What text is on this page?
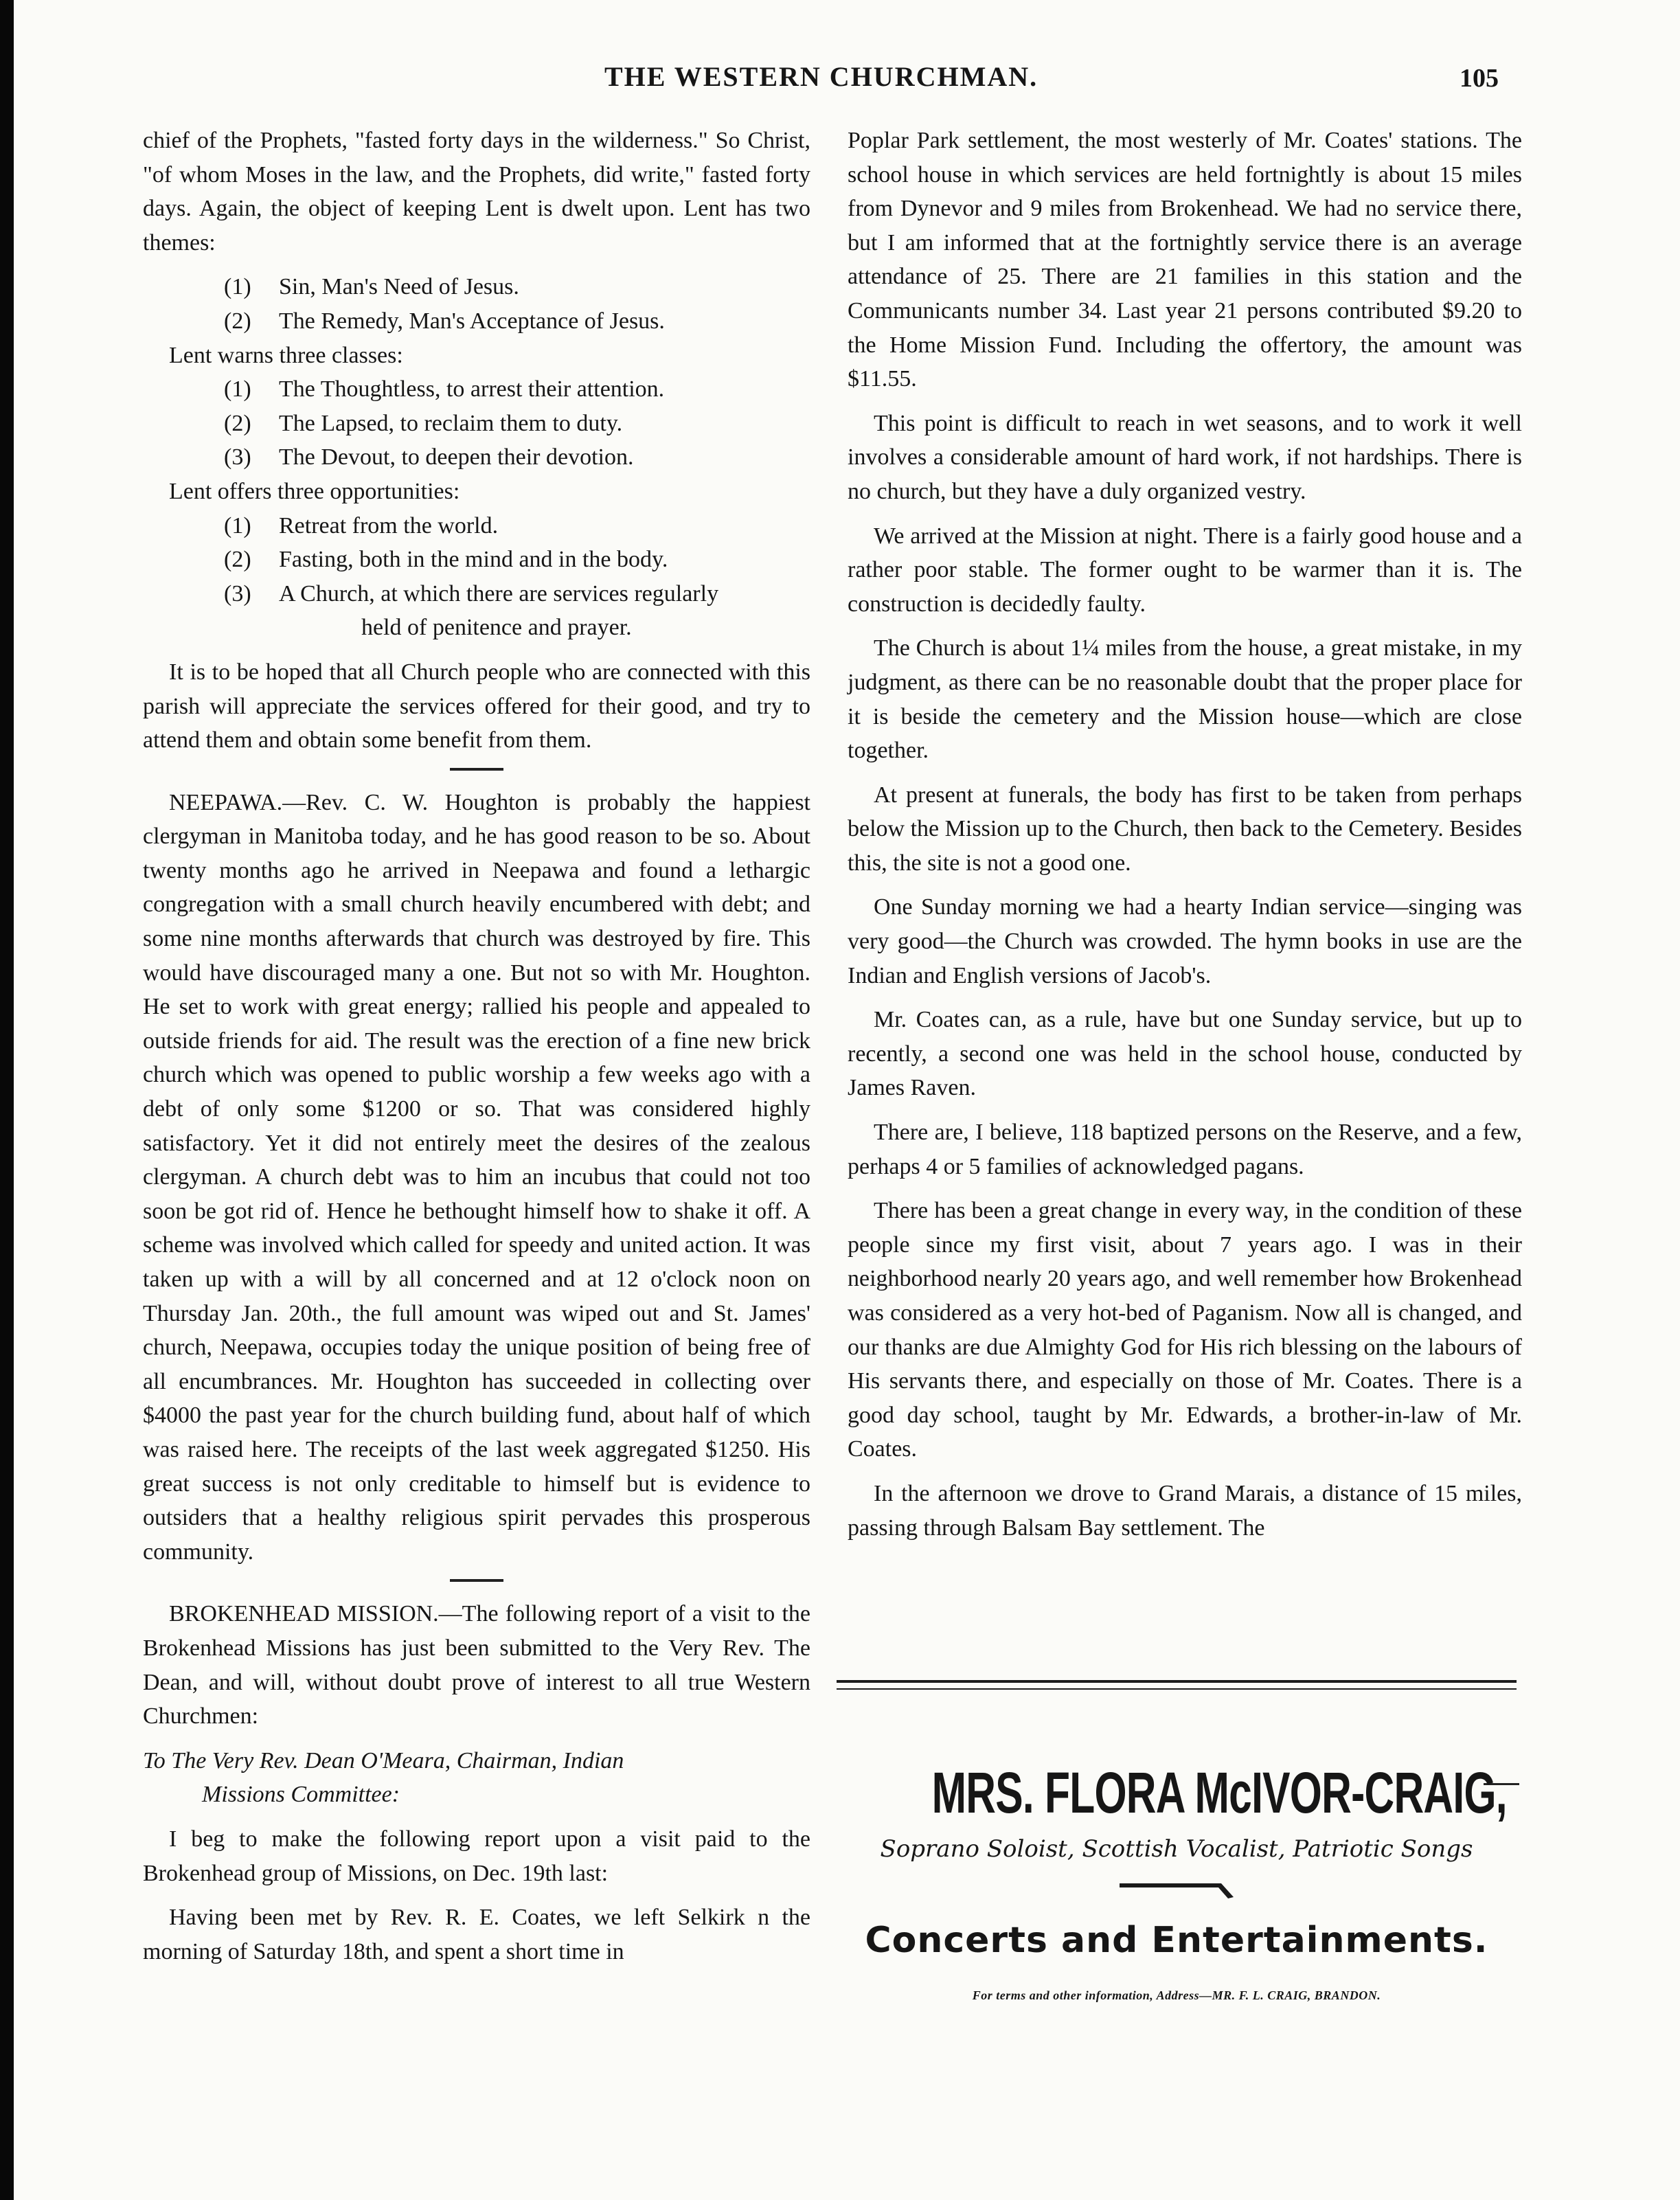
THE WESTERN CHURCHMAN.	105

chief of the Prophets, "fasted forty days in the wilderness." So Christ, "of whom Moses in the law, and the Prophets, did write," fasted forty days. Again, the object of keeping Lent is dwelt upon. Lent has two themes:

(1)	Sin, Man's Need of Jesus.
(2)	The Remedy, Man's Acceptance of Jesus.
Lent warns three classes:
(1)	The Thoughtless, to arrest their attention.
(2)	The Lapsed, to reclaim them to duty.
(3)	The Devout, to deepen their devotion.
Lent offers three opportunities:
(1)	Retreat from the world.
(2)	Fasting, both in the mind and in the body.
(3)	A Church, at which there are services regularly
held of penitence and prayer.

It is to be hoped that all Church people who are connected with this parish will appreciate the services offered for their good, and try to attend them and obtain some benefit from them.

NEEPAWA.—Rev. C. W. Houghton is probably the happiest clergyman in Manitoba today, and he has good reason to be so. About twenty months ago he arrived in Neepawa and found a lethargic congregation with a small church heavily encumbered with debt; and some nine months afterwards that church was destroyed by fire. This would have discouraged many a one. But not so with Mr. Houghton. He set to work with great energy; rallied his people and appealed to outside friends for aid. The result was the erection of a fine new brick church which was opened to public worship a few weeks ago with a debt of only some $1200 or so. That was considered highly satisfactory. Yet it did not entirely meet the desires of the zealous clergyman. A church debt was to him an incubus that could not too soon be got rid of. Hence he bethought himself how to shake it off. A scheme was involved which called for speedy and united action. It was taken up with a will by all concerned and at 12 o'clock noon on Thursday Jan. 20th., the full amount was wiped out and St. James' church, Neepawa, occupies today the unique position of being free of all encumbrances. Mr. Houghton has succeeded in collecting over $4000 the past year for the church building fund, about half of which was raised here. The receipts of the last week aggregated $1250. His great success is not only creditable to himself but is evidence to outsiders that a healthy religious spirit pervades this prosperous community.

BROKENHEAD MISSION.—The following report of a visit to the Brokenhead Missions has just been submitted to the Very Rev. The Dean, and will, without doubt prove of interest to all true Western Churchmen:

To The Very Rev. Dean O'Meara, Chairman, Indian
Missions Committee:

I beg to make the following report upon a visit paid to the Brokenhead group of Missions, on Dec. 19th last:

Having been met by Rev. R. E. Coates, we left Selkirk n the morning of Saturday 18th, and spent a short time in

Poplar Park settlement, the most westerly of Mr. Coates' stations. The school house in which services are held fortnightly is about 15 miles from Dynevor and 9 miles from Brokenhead. We had no service there, but I am informed that at the fortnightly service there is an average attendance of 25. There are 21 families in this station and the Communicants number 34. Last year 21 persons contributed $9.20 to the Home Mission Fund. Including the offertory, the amount was $11.55.

This point is difficult to reach in wet seasons, and to work it well involves a considerable amount of hard work, if not hardships. There is no church, but they have a duly organized vestry.

We arrived at the Mission at night. There is a fairly good house and a rather poor stable. The former ought to be warmer than it is. The construction is decidedly faulty.

The Church is about 1¼ miles from the house, a great mistake, in my judgment, as there can be no reasonable doubt that the proper place for it is beside the cemetery and the Mission house—which are close together.

At present at funerals, the body has first to be taken from perhaps below the Mission up to the Church, then back to the Cemetery. Besides this, the site is not a good one.

One Sunday morning we had a hearty Indian service—singing was very good—the Church was crowded. The hymn books in use are the Indian and English versions of Jacob's.

Mr. Coates can, as a rule, have but one Sunday service, but up to recently, a second one was held in the school house, conducted by James Raven.

There are, I believe, 118 baptized persons on the Reserve, and a few, perhaps 4 or 5 families of acknowledged pagans.

There has been a great change in every way, in the condition of these people since my first visit, about 7 years ago. I was in their neighborhood nearly 20 years ago, and well remember how Brokenhead was considered as a very hot-bed of Paganism. Now all is changed, and our thanks are due Almighty God for His rich blessing on the labours of His servants there, and especially on those of Mr. Coates. There is a good day school, taught by Mr. Edwards, a brother-in-law of Mr. Coates.

In the afternoon we drove to Grand Marais, a distance of 15 miles, passing through Balsam Bay settlement. The

MRS. FLORA McIVOR-CRAIG,
Soprano Soloist, Scottish Vocalist, Patriotic Songs
Concerts and Entertainments.
For terms and other information, Address—MR. F. L. CRAIG, BRANDON.
